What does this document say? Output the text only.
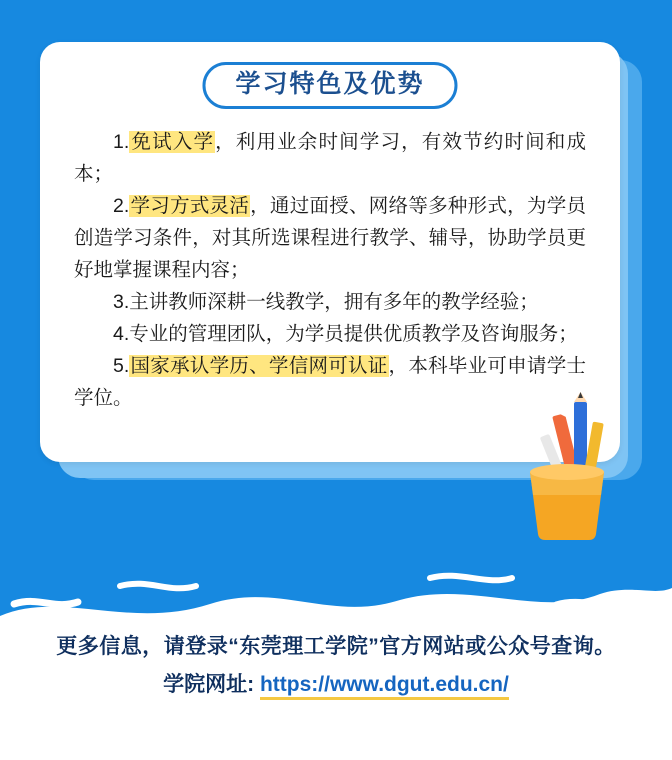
学习特色及优势

1.免试入学，利用业余时间学习，有效节约时间和成本；

2.学习方式灵活，通过面授、网络等多种形式，为学员创造学习条件，对其所选课程进行教学、辅导，协助学员更好地掌握课程内容；

3.主讲教师深耕一线教学，拥有多年的教学经验；

4.专业的管理团队，为学员提供优质教学及咨询服务；

5.国家承认学历、学信网可认证，本科毕业可申请学士学位。

更多信息，请登录“东莞理工学院”官方网站或公众号查询。
学院网址: https://www.dgut.edu.cn/
